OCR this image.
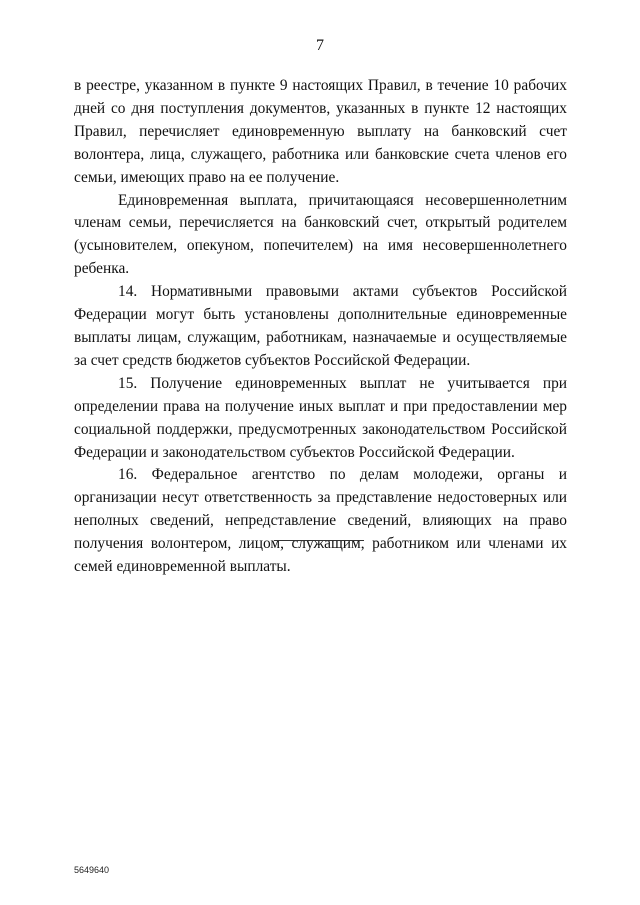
7

в реестре, указанном в пункте 9 настоящих Правил, в течение 10 рабочих дней со дня поступления документов, указанных в пункте 12 настоящих Правил, перечисляет единовременную выплату на банковский счет волонтера, лица, служащего, работника или банковские счета членов его семьи, имеющих право на ее получение.

Единовременная выплата, причитающаяся несовершеннолетним членам семьи, перечисляется на банковский счет, открытый родителем (усыновителем, опекуном, попечителем) на имя несовершеннолетнего ребенка.

14. Нормативными правовыми актами субъектов Российской Федерации могут быть установлены дополнительные единовременные выплаты лицам, служащим, работникам, назначаемые и осуществляемые за счет средств бюджетов субъектов Российской Федерации.

15. Получение единовременных выплат не учитывается при определении права на получение иных выплат и при предоставлении мер социальной поддержки, предусмотренных законодательством Российской Федерации и законодательством субъектов Российской Федерации.

16. Федеральное агентство по делам молодежи, органы и организации несут ответственность за представление недостоверных или неполных сведений, непредставление сведений, влияющих на право получения волонтером, лицом, служащим, работником или членами их семей единовременной выплаты.

5649640
